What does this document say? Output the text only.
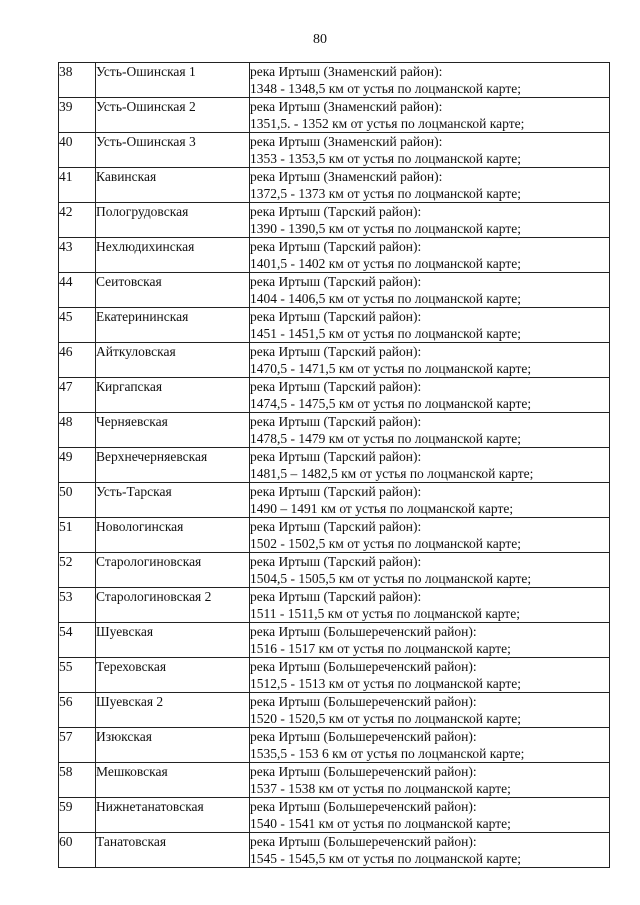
80
38	Усть-Ошинская 1	река Иртыш (Знаменский район):
1348 - 1348,5 км от устья по лоцманской карте;

39	Усть-Ошинская 2	река Иртыш (Знаменский район):
1351,5. - 1352 км от устья по лоцманской карте;

40	Усть-Ошинская 3	река Иртыш (Знаменский район):
1353 - 1353,5 км от устья по лоцманской карте;

41	Кавинская	река Иртыш (Знаменский район):
1372,5 - 1373 км от устья по лоцманской карте;

42	Пологрудовская	река Иртыш (Тарский район):
1390 - 1390,5 км от устья по лоцманской карте;

43	Нехлюдихинская	река Иртыш (Тарский район):
1401,5 - 1402 км от устья по лоцманской карте;

44	Сеитовская	река Иртыш (Тарский район):
1404 - 1406,5 км от устья по лоцманской карте;

45	Екатерининская	река Иртыш (Тарский район):
1451 - 1451,5 км от устья по лоцманской карте;

46	Айткуловская	река Иртыш (Тарский район):
1470,5 - 1471,5 км от устья по лоцманской карте;

47	Киргапская	река Иртыш (Тарский район):
1474,5 - 1475,5 км от устья по лоцманской карте;

48	Черняевская	река Иртыш (Тарский район):
1478,5 - 1479 км от устья по лоцманской карте;

49	Верхнечерняевская	река Иртыш (Тарский район):
1481,5 – 1482,5 км от устья по лоцманской карте;

50	Усть-Тарская	река Иртыш (Тарский район):
1490 – 1491 км от устья по лоцманской карте;

51	Новологинская	река Иртыш (Тарский район):
1502 - 1502,5 км от устья по лоцманской карте;

52	Старологиновская	река Иртыш (Тарский район):
1504,5 - 1505,5 км от устья по лоцманской карте;

53	Старологиновская 2	река Иртыш (Тарский район):
1511 - 1511,5 км от устья по лоцманской карте;

54	Шуевская	река Иртыш (Большереченский район):
1516 - 1517 км от устья по лоцманской карте;

55	Тереховская	река Иртыш (Большереченский район):
1512,5 - 1513 км от устья по лоцманской карте;

56	Шуевская 2	река Иртыш (Большереченский район):
1520 - 1520,5 км от устья по лоцманской карте;

57	Изюкская	река Иртыш (Большереченский район):
1535,5 - 153 6 км от устья по лоцманской карте;

58	Мешковская	река Иртыш (Большереченский район):
1537 - 1538 км от устья по лоцманской карте;

59	Нижнетанатовская	река Иртыш (Большереченский район):
1540 - 1541 км от устья по лоцманской карте;

60	Танатовская	река Иртыш (Большереченский район):
1545 - 1545,5 км от устья по лоцманской карте;
